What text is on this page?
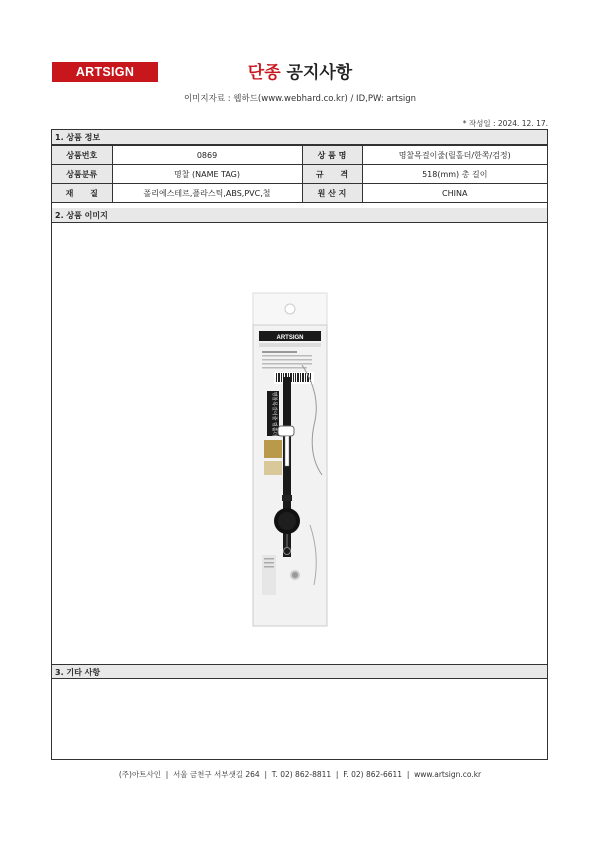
ARTSIGN	단종 공지사항
이미지자료 : 웹하드(www.webhard.co.kr) / ID,PW: artsign
* 작성일 : 2024. 12. 17.
1. 상품 정보
상품번호	0869	상 품 명	명찰목걸이줄(릴홀더/한쪽/검정)
상품분류	명찰 (NAME TAG)	규      격	518(mm) 총 길이
재      질	폴리에스테르,플라스틱,ABS,PVC,철	원 산 지	CHINA
2. 상품 이미지
ARTSIGN
명찰목걸이줄 릴홀더
3. 기타 사항
(주)아트사인  |  서울 금천구 서부샛길 264  |  T. 02) 862-8811  |  F. 02) 862-6611  |  www.artsign.co.kr
